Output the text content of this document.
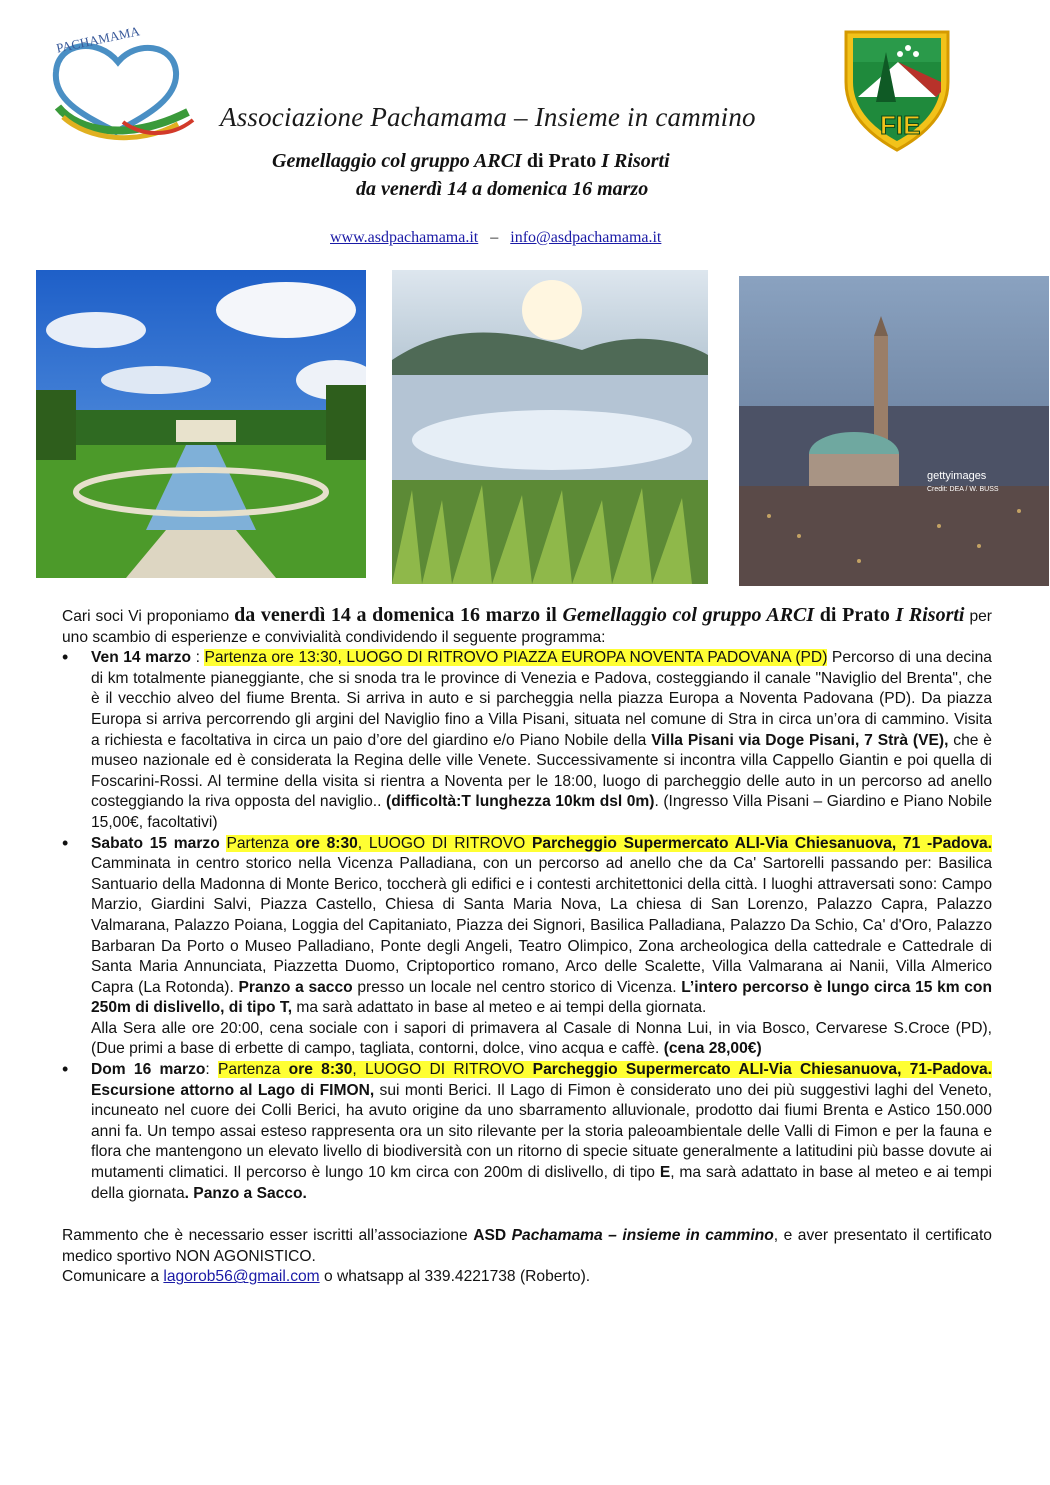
PACHAMAMA
FIE
Associazione Pachamama – Insieme in cammino
Gemellaggio col gruppo ARCI di Prato I Risorti
da venerdì 14 a domenica 16 marzo
www.asdpachamama.it – info@asdpachamama.it
gettyimages
Credit: DEA / W. BUSS
Cari soci Vi proponiamo da venerdì 14 a domenica 16 marzo il Gemellaggio col gruppo ARCI di Prato I Risorti per uno scambio di esperienze e convivialità condividendo il seguente programma:
• Ven 14 marzo : Partenza ore 13:30, LUOGO DI RITROVO PIAZZA EUROPA NOVENTA PADOVANA (PD) Percorso di una decina di km totalmente pianeggiante, che si snoda tra le province di Venezia e Padova, costeggiando il canale "Naviglio del Brenta", che è il vecchio alveo del fiume Brenta. Si arriva in auto e si parcheggia nella piazza Europa a Noventa Padovana (PD). Da piazza Europa si arriva percorrendo gli argini del Naviglio fino a Villa Pisani, situata nel comune di Stra in circa un’ora di cammino. Visita a richiesta e facoltativa in circa un paio d’ore del giardino e/o Piano Nobile della Villa Pisani via Doge Pisani, 7 Strà (VE), che è museo nazionale ed è considerata la Regina delle ville Venete. Successivamente si incontra villa Cappello Giantin e poi quella di Foscarini-Rossi. Al termine della visita si rientra a Noventa per le 18:00, luogo di parcheggio delle auto in un percorso ad anello costeggiando la riva opposta del naviglio.. (difficoltà:T lunghezza 10km dsl 0m). (Ingresso Villa Pisani – Giardino e Piano Nobile 15,00€, facoltativi)
• Sabato 15 marzo Partenza ore 8:30, LUOGO DI RITROVO Parcheggio Supermercato ALI-Via Chiesanuova, 71 -Padova. Camminata in centro storico nella Vicenza Palladiana, con un percorso ad anello che da Ca' Sartorelli passando per: Basilica Santuario della Madonna di Monte Berico, toccherà gli edifici e i contesti architettonici della città. I luoghi attraversati sono: Campo Marzio, Giardini Salvi, Piazza Castello, Chiesa di Santa Maria Nova, La chiesa di San Lorenzo, Palazzo Capra, Palazzo Valmarana, Palazzo Poiana, Loggia del Capitaniato, Piazza dei Signori, Basilica Palladiana, Palazzo Da Schio, Ca' d'Oro, Palazzo Barbaran Da Porto o Museo Palladiano, Ponte degli Angeli, Teatro Olimpico, Zona archeologica della cattedrale e Cattedrale di Santa Maria Annunciata, Piazzetta Duomo, Criptoportico romano, Arco delle Scalette, Villa Valmarana ai Nanii, Villa Almerico Capra (La Rotonda). Pranzo a sacco presso un locale nel centro storico di Vicenza. L’intero percorso è lungo circa 15 km con 250m di dislivello, di tipo T, ma sarà adattato in base al meteo e ai tempi della giornata.
Alla Sera alle ore 20:00, cena sociale con i sapori di primavera al Casale di Nonna Lui, in via Bosco, Cervarese S.Croce (PD), (Due primi a base di erbette di campo, tagliata, contorni, dolce, vino acqua e caffè. (cena 28,00€)
• Dom 16 marzo: Partenza ore 8:30, LUOGO DI RITROVO Parcheggio Supermercato ALI-Via Chiesanuova, 71-Padova. Escursione attorno al Lago di FIMON, sui monti Berici. Il Lago di Fimon è considerato uno dei più suggestivi laghi del Veneto, incuneato nel cuore dei Colli Berici, ha avuto origine da uno sbarramento alluvionale, prodotto dai fiumi Brenta e Astico 150.000 anni fa. Un tempo assai esteso rappresenta ora un sito rilevante per la storia paleoambientale delle Valli di Fimon e per la fauna e flora che mantengono un elevato livello di biodiversità con un ritorno di specie situate generalmente a latitudini più basse dovute ai mutamenti climatici. Il percorso è lungo 10 km circa con 200m di dislivello, di tipo E, ma sarà adattato in base al meteo e ai tempi della giornata. Panzo a Sacco.
Rammento che è necessario esser iscritti all’associazione ASD Pachamama – insieme in cammino, e aver presentato il certificato medico sportivo NON AGONISTICO.
Comunicare a lagorob56@gmail.com o whatsapp al 339.4221738 (Roberto).
